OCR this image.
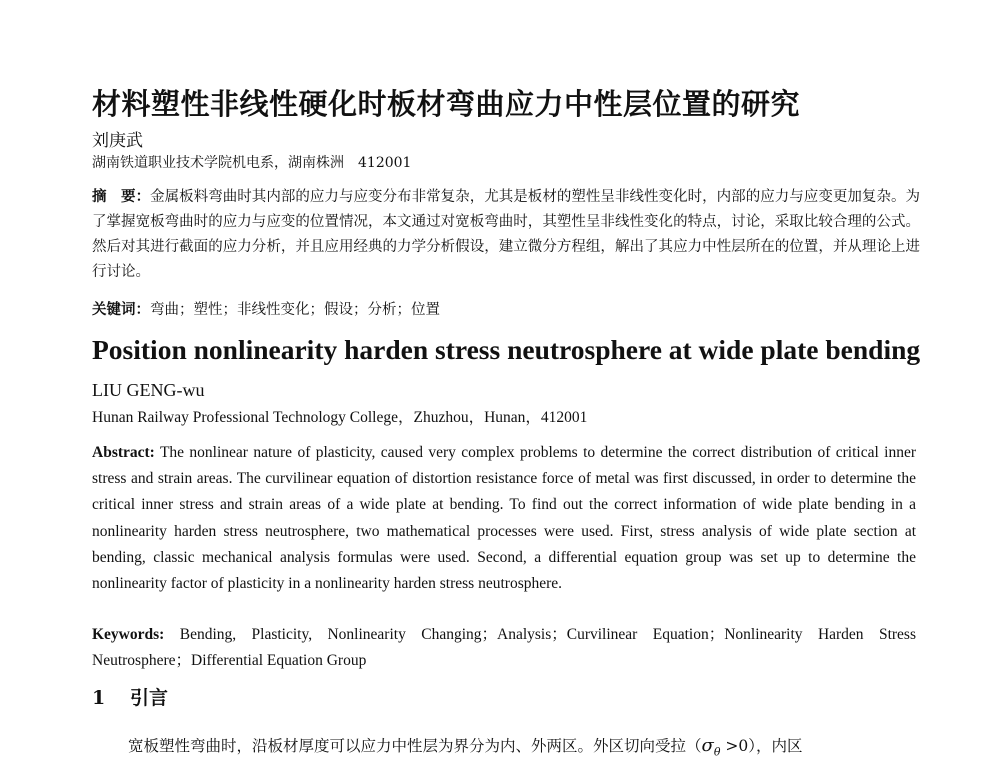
材料塑性非线性硬化时板材弯曲应力中性层位置的研究
刘庚武
湖南铁道职业技术学院机电系，湖南株洲　412001
摘　要：金属板料弯曲时其内部的应力与应变分布非常复杂，尤其是板材的塑性呈非线性变化时，内部的应力与应变更加复杂。为了掌握宽板弯曲时的应力与应变的位置情况，本文通过对宽板弯曲时，其塑性呈非线性变化的特点，讨论，采取比较合理的公式。然后对其进行截面的应力分析，并且应用经典的力学分析假设，建立微分方程组，解出了其应力中性层所在的位置，并从理论上进行讨论。
关键词：弯曲；塑性；非线性变化；假设；分析；位置
Position nonlinearity harden stress neutrosphere at wide plate bending
LIU GENG-wu
Hunan Railway Professional Technology College，Zhuzhou，Hunan，412001
Abstract: The nonlinear nature of plasticity, caused very complex problems to determine the correct distribution of critical inner stress and strain areas. The curvilinear equation of distortion resistance force of metal was first discussed, in order to determine the critical inner stress and strain areas of a wide plate at bending. To find out the correct information of wide plate bending in a nonlinearity harden stress neutrosphere, two mathematical processes were used. First, stress analysis of wide plate section at bending, classic mechanical analysis formulas were used. Second, a differential equation group was set up to determine the nonlinearity factor of plasticity in a nonlinearity harden stress neutrosphere.
Keywords: Bending, Plasticity, Nonlinearity Changing；Analysis；Curvilinear Equation；Nonlinearity Harden Stress Neutrosphere；Differential Equation Group
1 引言
宽板塑性弯曲时，沿板材厚度可以应力中性层为界分为内、外两区。外区切向受拉$(\sigma_\theta >0)$，内区
